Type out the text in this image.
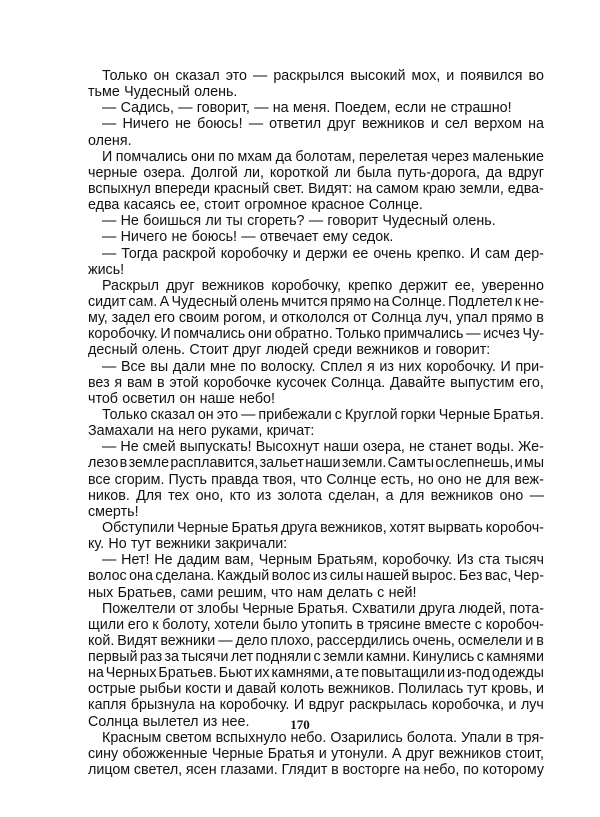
Только он сказал это — раскрылся высокий мох, и появился во
тьме Чудесный олень.
— Садись, — говорит, — на меня. Поедем, если не страшно!
— Ничего не боюсь! — ответил друг вежников и сел верхом на
оленя.
И помчались они по мхам да болотам, перелетая через маленькие
черные озера. Долгой ли, короткой ли была путь-дорога, да вдруг
вспыхнул впереди красный свет. Видят: на самом краю земли, едва-
едва касаясь ее, стоит огромное красное Солнце.
— Не боишься ли ты сгореть? — говорит Чудесный олень.
— Ничего не боюсь! — отвечает ему седок.
— Тогда раскрой коробочку и держи ее очень крепко. И сам дер-
жись!
Раскрыл друг вежников коробочку, крепко держит ее, уверенно
сидит сам. А Чудесный олень мчится прямо на Солнце. Подлетел к не-
му, задел его своим рогом, и откололся от Солнца луч, упал прямо в
коробочку. И помчались они обратно. Только примчались — исчез Чу-
десный олень. Стоит друг людей среди вежников и говорит:
— Все вы дали мне по волоску. Сплел я из них коробочку. И при-
вез я вам в этой коробочке кусочек Солнца. Давайте выпустим его,
чтоб осветил он наше небо!
Только сказал он это — прибежали с Круглой горки Черные Братья.
Замахали на него руками, кричат:
— Не смей выпускать! Высохнут наши озера, не станет воды. Же-
лезо в земле расплавится, зальет наши земли. Сам ты ослепнешь, и мы
все сгорим. Пусть правда твоя, что Солнце есть, но оно не для веж-
ников. Для тех оно, кто из золота сделан, а для вежников оно —
смерть!
Обступили Черные Братья друга вежников, хотят вырвать коробоч-
ку. Но тут вежники закричали:
— Нет! Не дадим вам, Черным Братьям, коробочку. Из ста тысяч
волос она сделана. Каждый волос из силы нашей вырос. Без вас, Чер-
ных Братьев, сами решим, что нам делать с ней!
Пожелтели от злобы Черные Братья. Схватили друга людей, пота-
щили его к болоту, хотели было утопить в трясине вместе с коробоч-
кой. Видят вежники — дело плохо, рассердились очень, осмелели и в
первый раз за тысячи лет подняли с земли камни. Кинулись с камнями
на Черных Братьев. Бьют их камнями, а те повытащили из-под одежды
острые рыбьи кости и давай колоть вежников. Полилась тут кровь, и
капля брызнула на коробочку. И вдруг раскрылась коробочка, и луч
Солнца вылетел из нее.
Красным светом вспыхнуло небо. Озарились болота. Упали в тря-
сину обожженные Черные Братья и утонули. А друг вежников стоит,
лицом светел, ясен глазами. Глядит в восторге на небо, по которому
170
